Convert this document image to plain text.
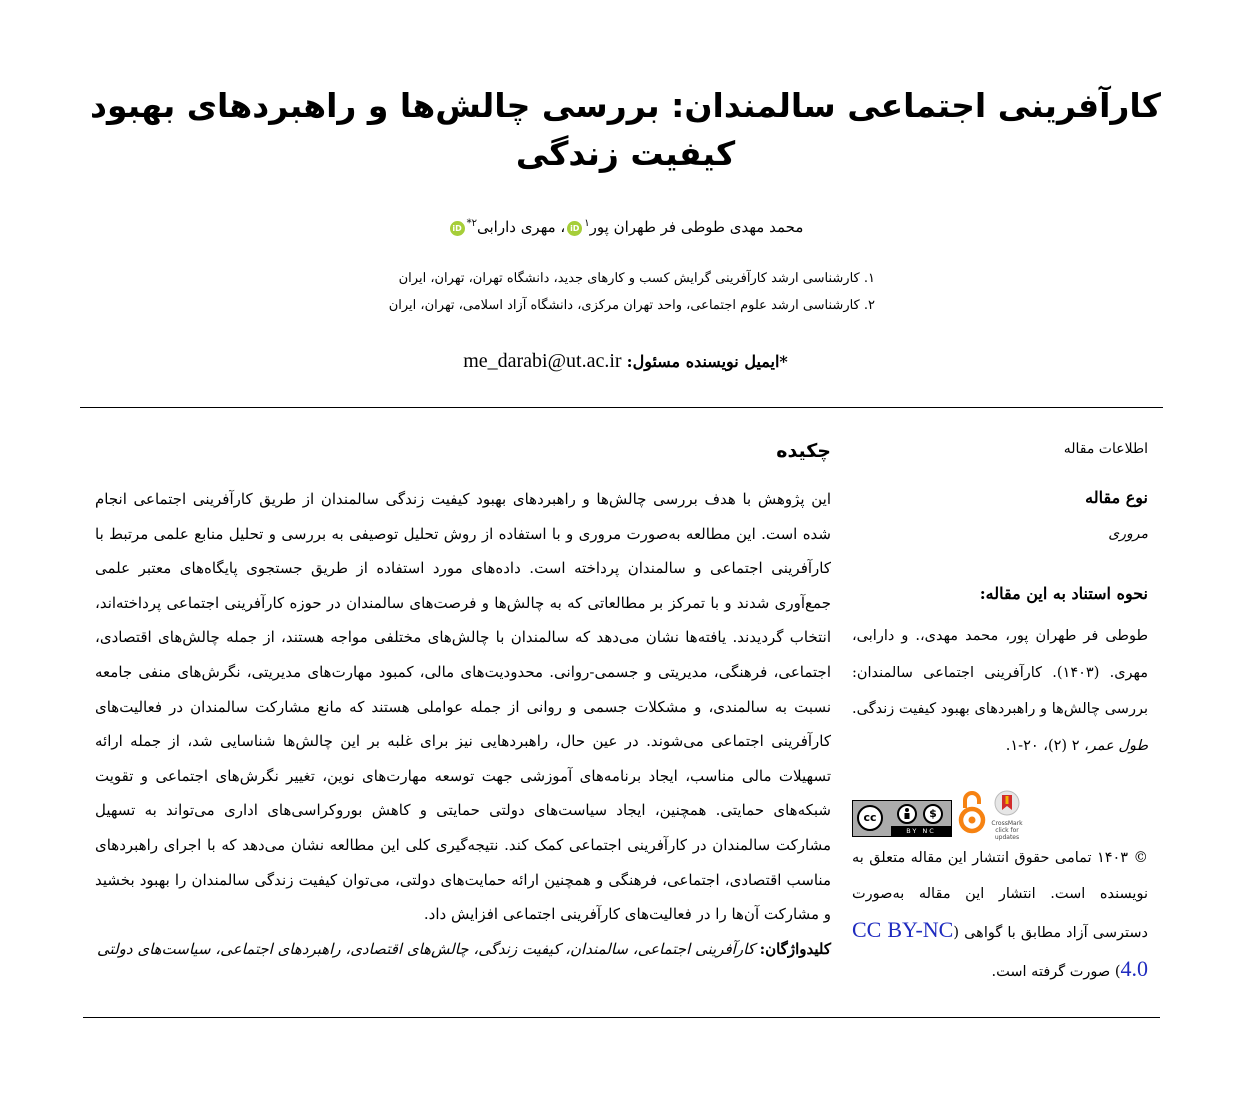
کارآفرینی اجتماعی سالمندان: بررسی چالش‌ها و راهبردهای بهبود کیفیت زندگی
محمد مهدی طوطی فر طهران پور$^۱$iD، مهری دارابی$^{۲*}$iD
۱. کارشناسی ارشد کارآفرینی گرایش کسب و کارهای جدید، دانشگاه تهران، تهران، ایران
۲. کارشناسی ارشد علوم اجتماعی، واحد تهران مرکزی، دانشگاه آزاد اسلامی، تهران، ایران
*ایمیل نویسنده مسئول: me_darabi@ut.ac.ir
اطلاعات مقاله
نوع مقاله
مروری
نحوه استناد به این مقاله:
طوطی فر طهران پور، محمد مهدی،. و دارابی، مهری. (۱۴۰۳). کارآفرینی اجتماعی سالمندان: بررسی چالش‌ها و راهبردهای بهبود کیفیت زندگی. طول عمر، ۲ (۲)، ۲۰-۱.
cc	$
BY NC
CrossMark
click for updates
© ۱۴۰۳ تمامی حقوق انتشار این مقاله متعلق به نویسنده است. انتشار این مقاله به‌صورت دسترسی آزاد مطابق با گواهی (CC BY-NC 4.0) صورت گرفته است.
چکیده
این پژوهش با هدف بررسی چالش‌ها و راهبردهای بهبود کیفیت زندگی سالمندان از طریق کارآفرینی اجتماعی انجام شده است. این مطالعه به‌صورت مروری و با استفاده از روش تحلیل توصیفی به بررسی و تحلیل منابع علمی مرتبط با کارآفرینی اجتماعی و سالمندان پرداخته است. داده‌های مورد استفاده از طریق جستجوی پایگاه‌های معتبر علمی جمع‌آوری شدند و با تمرکز بر مطالعاتی که به چالش‌ها و فرصت‌های سالمندان در حوزه کارآفرینی اجتماعی پرداخته‌اند، انتخاب گردیدند. یافته‌ها نشان می‌دهد که سالمندان با چالش‌های مختلفی مواجه هستند، از جمله چالش‌های اقتصادی، اجتماعی، فرهنگی، مدیریتی و جسمی-روانی. محدودیت‌های مالی، کمبود مهارت‌های مدیریتی، نگرش‌های منفی جامعه نسبت به سالمندی، و مشکلات جسمی و روانی از جمله عواملی هستند که مانع مشارکت سالمندان در فعالیت‌های کارآفرینی اجتماعی می‌شوند. در عین حال، راهبردهایی نیز برای غلبه بر این چالش‌ها شناسایی شد، از جمله ارائه تسهیلات مالی مناسب، ایجاد برنامه‌های آموزشی جهت توسعه مهارت‌های نوین، تغییر نگرش‌های اجتماعی و تقویت شبکه‌های حمایتی. همچنین، ایجاد سیاست‌های دولتی حمایتی و کاهش بوروکراسی‌های اداری می‌تواند به تسهیل مشارکت سالمندان در کارآفرینی اجتماعی کمک کند. نتیجه‌گیری کلی این مطالعه نشان می‌دهد که با اجرای راهبردهای مناسب اقتصادی، اجتماعی، فرهنگی و همچنین ارائه حمایت‌های دولتی، می‌توان کیفیت زندگی سالمندان را بهبود بخشید و مشارکت آن‌ها را در فعالیت‌های کارآفرینی اجتماعی افزایش داد.
کلیدواژگان: کارآفرینی اجتماعی، سالمندان، کیفیت زندگی، چالش‌های اقتصادی، راهبردهای اجتماعی، سیاست‌های دولتی
